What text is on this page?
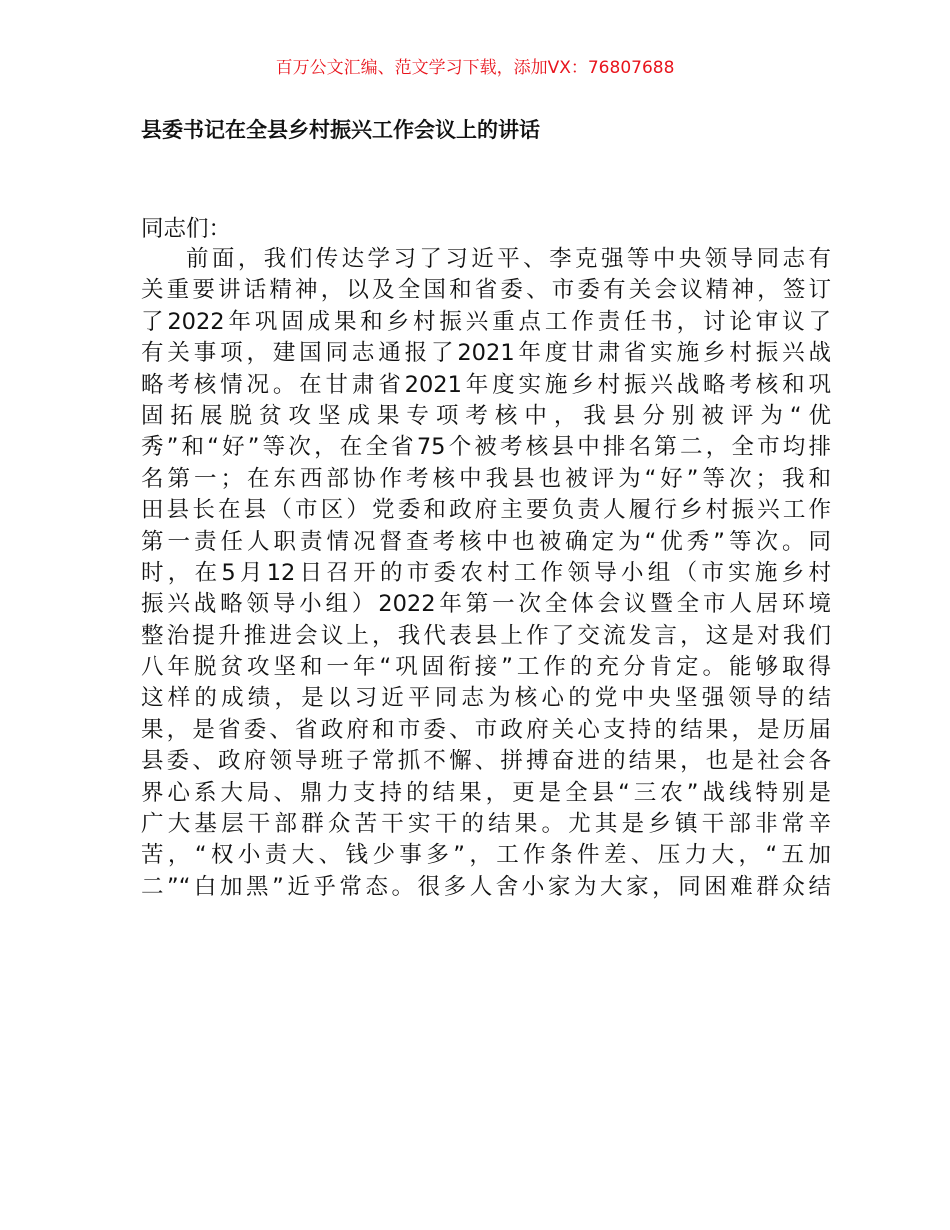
百万公文汇编、范文学习下载，添加VX：76807688
县委书记在全县乡村振兴工作会议上的讲话
同志们：
前面，我们传达学习了习近平、李克强等中央领导同志有
关重要讲话精神，以及全国和省委、市委有关会议精神，签订
了2022年巩固成果和乡村振兴重点工作责任书，讨论审议了
有关事项，建国同志通报了2021年度甘肃省实施乡村振兴战
略考核情况。在甘肃省2021年度实施乡村振兴战略考核和巩
固拓展脱贫攻坚成果专项考核中，我县分别被评为“优
秀”和“好”等次，在全省75个被考核县中排名第二，全市均排
名第一；在东西部协作考核中我县也被评为“好”等次；我和
田县长在县（市区）党委和政府主要负责人履行乡村振兴工作
第一责任人职责情况督查考核中也被确定为“优秀”等次。同
时，在5月12日召开的市委农村工作领导小组（市实施乡村
振兴战略领导小组）2022年第一次全体会议暨全市人居环境
整治提升推进会议上，我代表县上作了交流发言，这是对我们
八年脱贫攻坚和一年“巩固衔接”工作的充分肯定。能够取得
这样的成绩，是以习近平同志为核心的党中央坚强领导的结
果，是省委、省政府和市委、市政府关心支持的结果，是历届
县委、政府领导班子常抓不懈、拼搏奋进的结果，也是社会各
界心系大局、鼎力支持的结果，更是全县“三农”战线特别是
广大基层干部群众苦干实干的结果。尤其是乡镇干部非常辛
苦，“权小责大、钱少事多”，工作条件差、压力大，“五加
二”“白加黑”近乎常态。很多人舍小家为大家，同困难群众结
